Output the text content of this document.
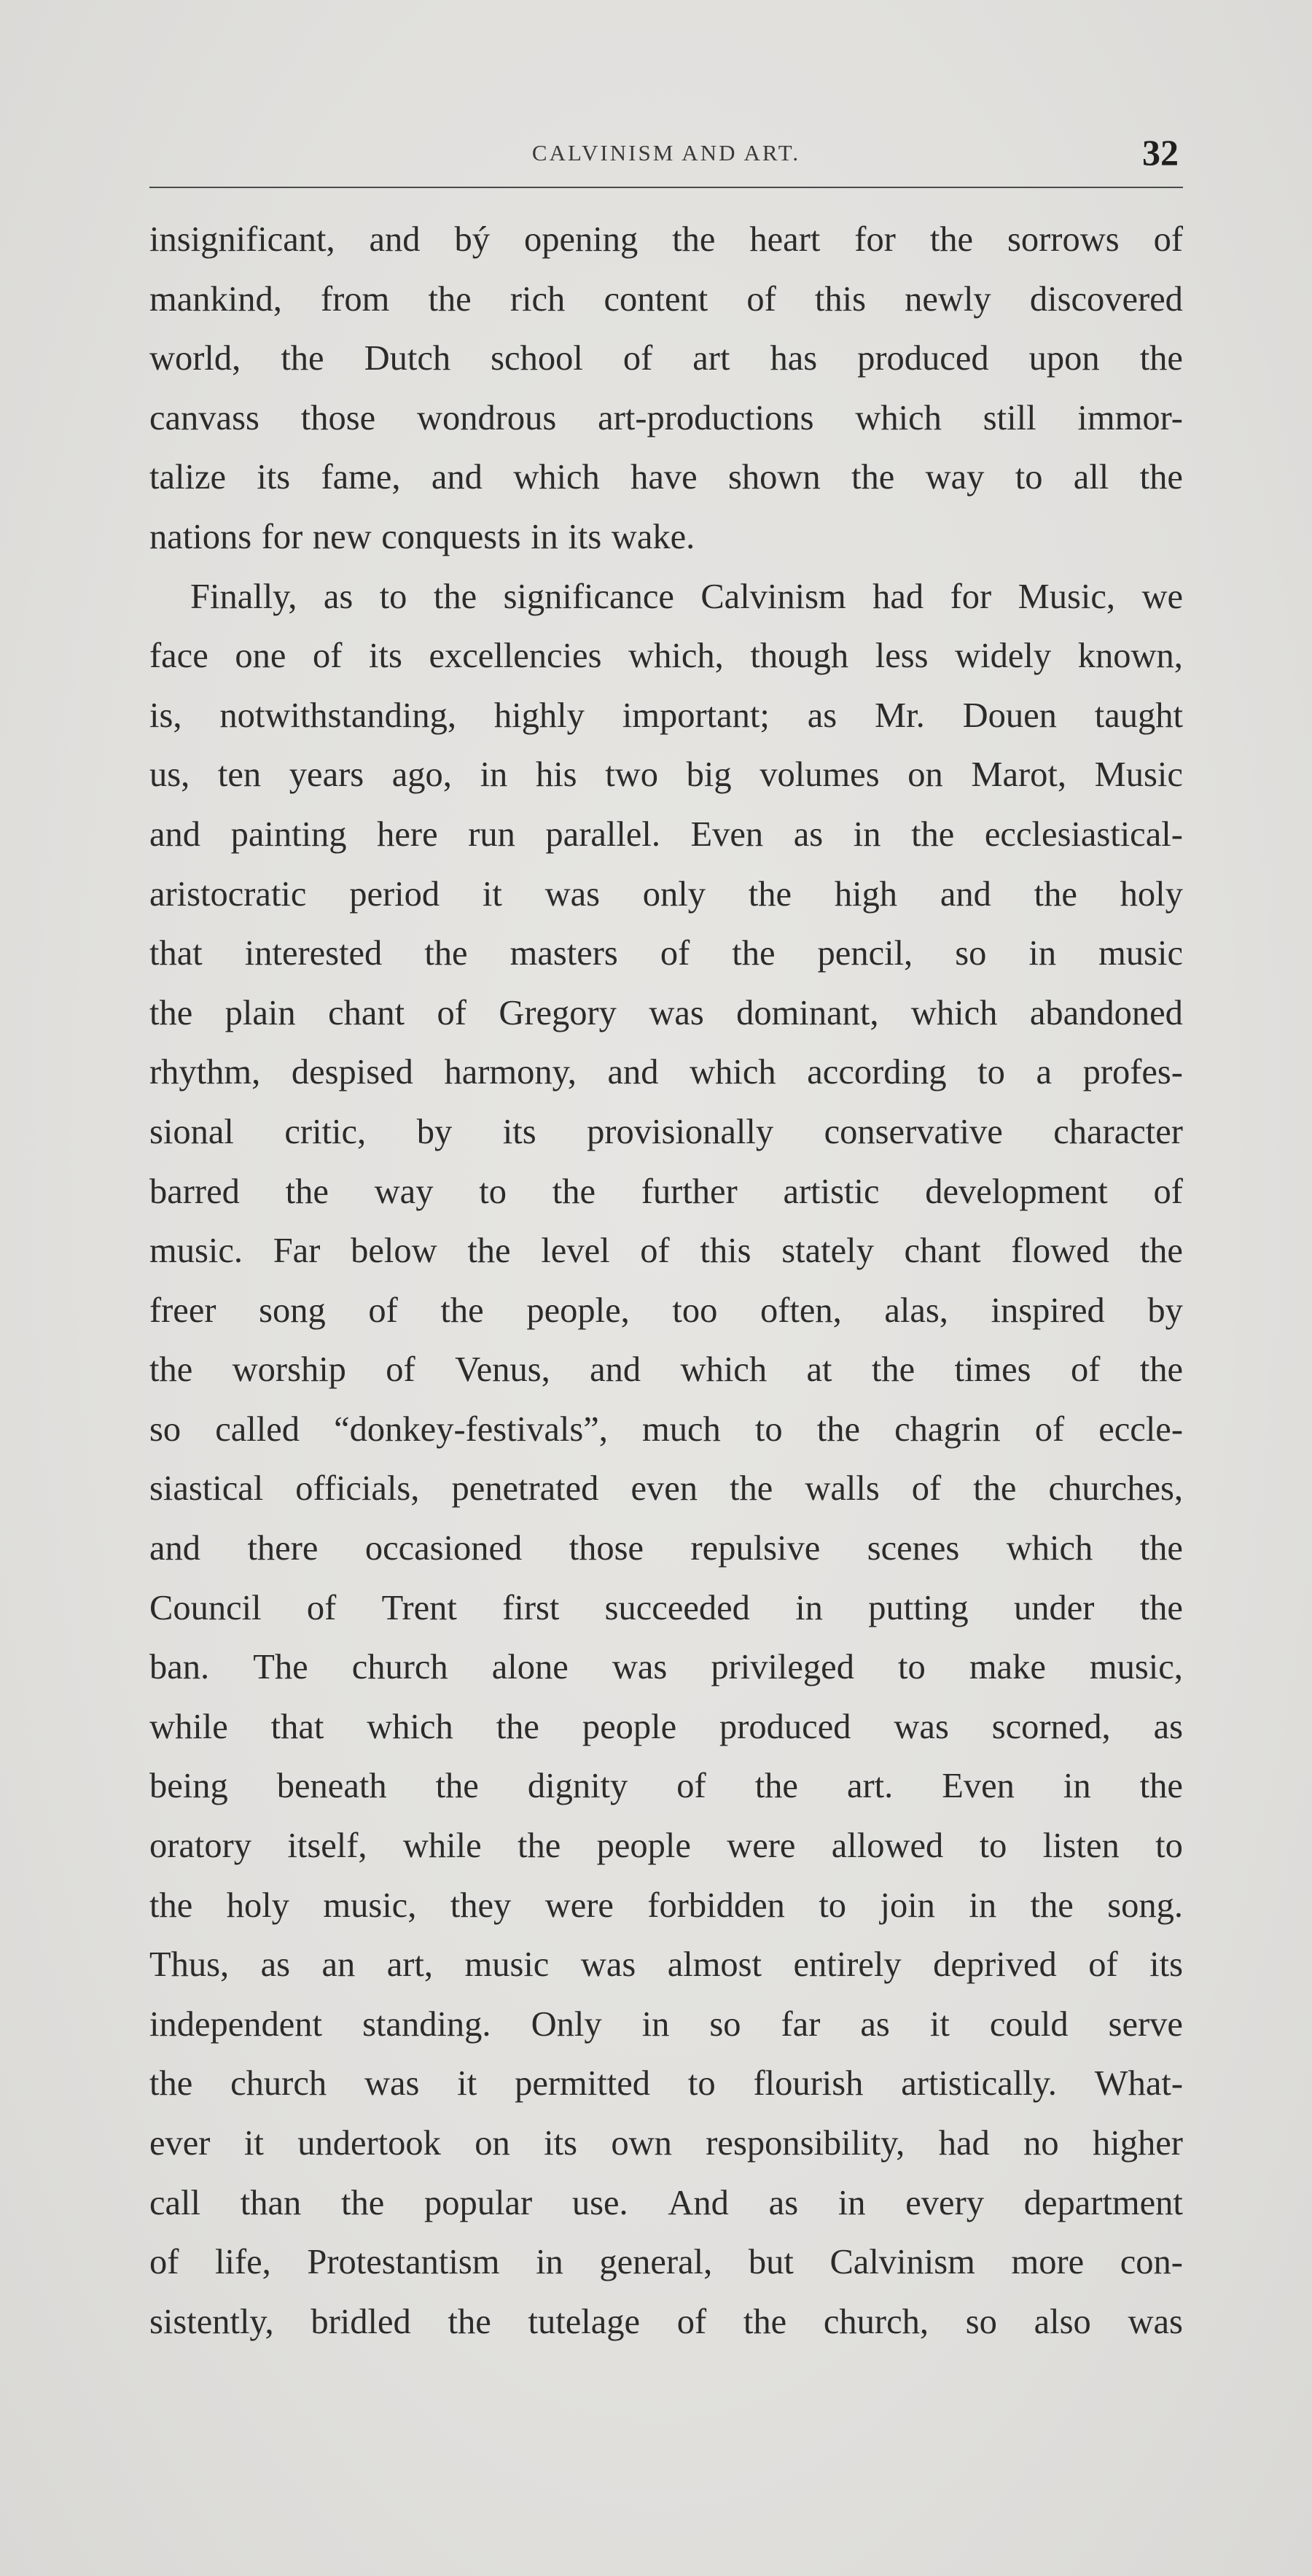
CALVINISM AND ART.	32
insignificant, and bý opening the heart for the sorrows of
mankind, from the rich content of this newly discovered
world, the Dutch school of art has produced upon the
canvass those wondrous art-productions which still immor-
talize its fame, and which have shown the way to all the
nations for new conquests in its wake.
Finally, as to the significance Calvinism had for Music, we
face one of its excellencies which, though less widely known,
is, notwithstanding, highly important; as Mr. Douen taught
us, ten years ago, in his two big volumes on Marot, Music
and painting here run parallel. Even as in the ecclesiastical-
aristocratic period it was only the high and the holy
that interested the masters of the pencil, so in music
the plain chant of Gregory was dominant, which abandoned
rhythm, despised harmony, and which according to a profes-
sional critic, by its provisionally conservative character
barred the way to the further artistic development of
music. Far below the level of this stately chant flowed the
freer song of the people, too often, alas, inspired by
the worship of Venus, and which at the times of the
so called “donkey-festivals”, much to the chagrin of eccle-
siastical officials, penetrated even the walls of the churches,
and there occasioned those repulsive scenes which the
Council of Trent first succeeded in putting under the
ban. The church alone was privileged to make music,
while that which the people produced was scorned, as
being beneath the dignity of the art. Even in the
oratory itself, while the people were allowed to listen to
the holy music, they were forbidden to join in the song.
Thus, as an art, music was almost entirely deprived of its
independent standing. Only in so far as it could serve
the church was it permitted to flourish artistically. What-
ever it undertook on its own responsibility, had no higher
call than the popular use. And as in every department
of life, Protestantism in general, but Calvinism more con-
sistently, bridled the tutelage of the church, so also was
